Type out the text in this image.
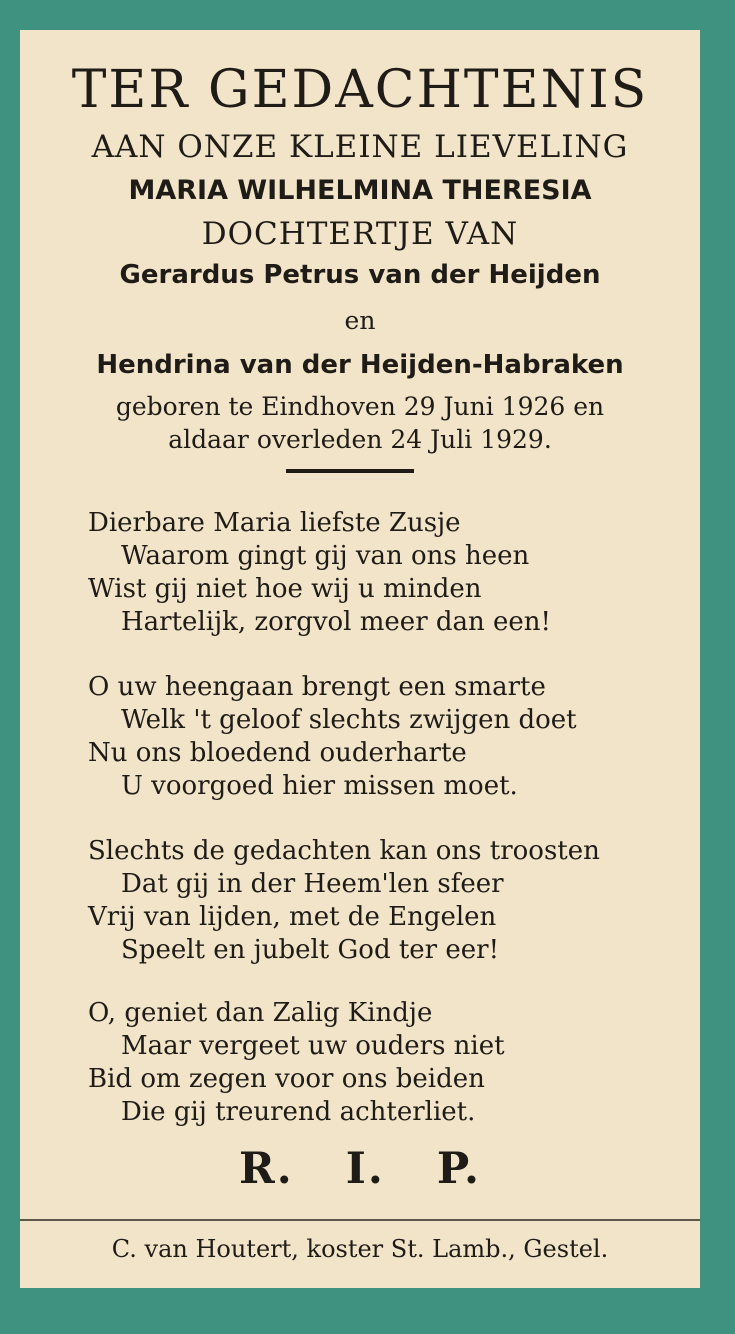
TER GEDACHTENIS
AAN ONZE KLEINE LIEVELING
MARIA WILHELMINA THERESIA
DOCHTERTJE VAN
Gerardus Petrus van der Heijden
en
Hendrina van der Heijden-Habraken
geboren te Eindhoven 29 Juni 1926 en
aldaar overleden 24 Juli 1929.
Dierbare Maria liefste Zusje
Waarom gingt gij van ons heen
Wist gij niet hoe wij u minden
Hartelijk, zorgvol meer dan een!
O uw heengaan brengt een smarte
Welk 't geloof slechts zwijgen doet
Nu ons bloedend ouderharte
U voorgoed hier missen moet.
Slechts de gedachten kan ons troosten
Dat gij in der Heem'len sfeer
Vrij van lijden, met de Engelen
Speelt en jubelt God ter eer!
O, geniet dan Zalig Kindje
Maar vergeet uw ouders niet
Bid om zegen voor ons beiden
Die gij treurend achterliet.
R. I. P.
C. van Houtert, koster St. Lamb., Gestel.
